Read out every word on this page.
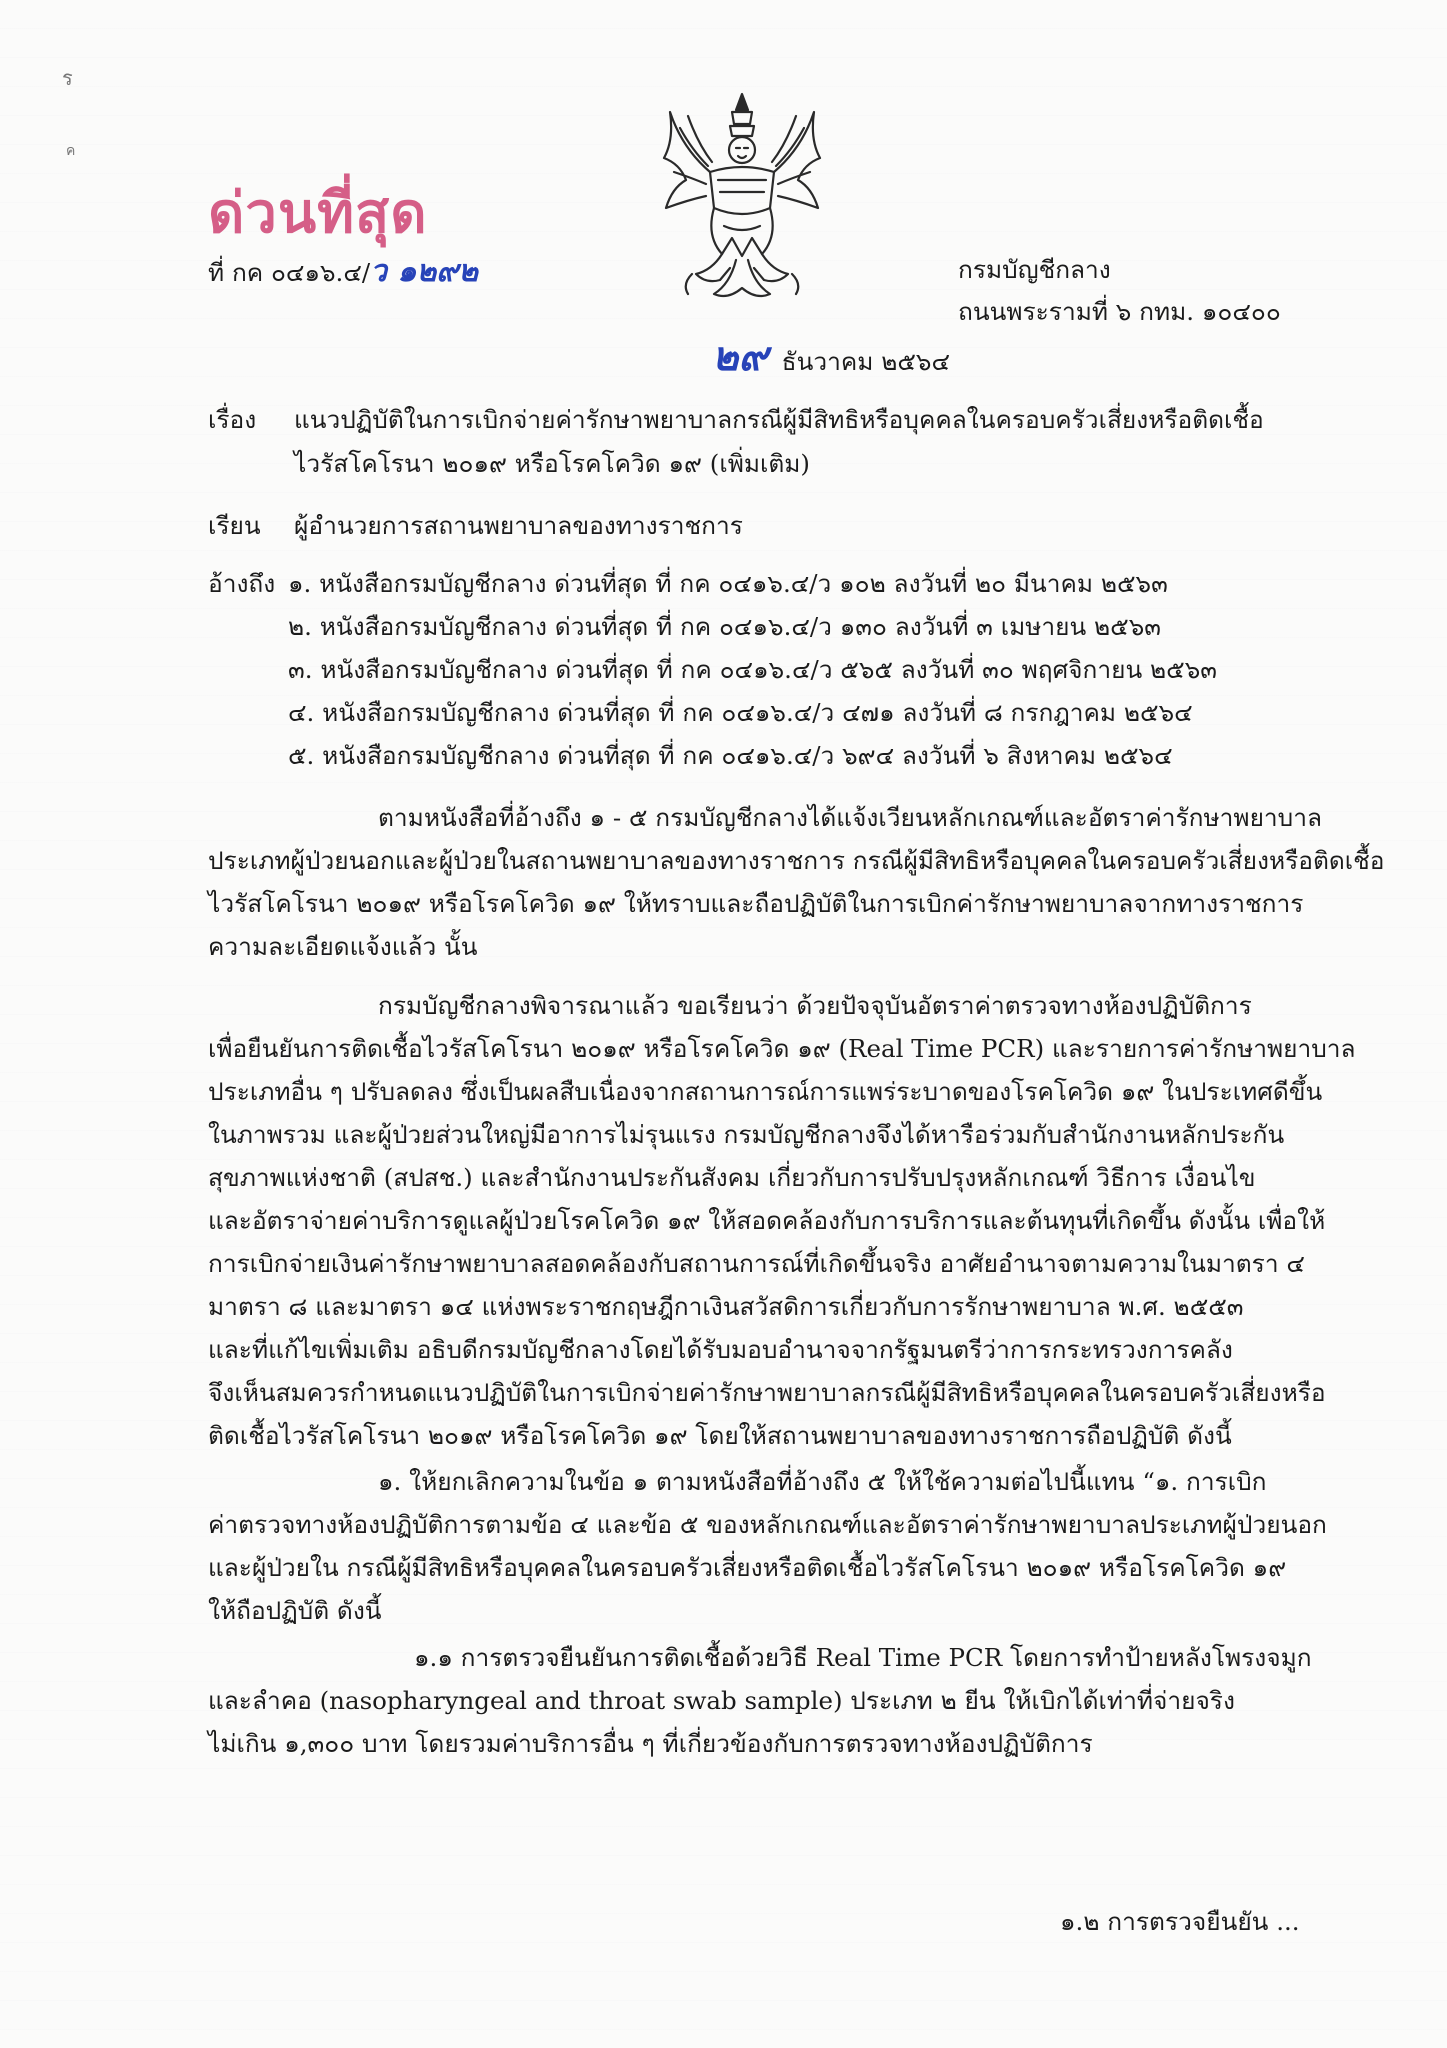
ร
ค
ด่วนที่สุด
ที่ กค ๐๔๑๖.๔/ว ๑๒๙๒	กรมบัญชีกลาง
ถนนพระรามที่ ๖ กทม. ๑๐๔๐๐
๒๙ ธันวาคม ๒๕๖๔
เรื่อง แนวปฏิบัติในการเบิกจ่ายค่ารักษาพยาบาลกรณีผู้มีสิทธิหรือบุคคลในครอบครัวเสี่ยงหรือติดเชื้อ
ไวรัสโคโรนา ๒๐๑๙ หรือโรคโควิด ๑๙ (เพิ่มเติม)
เรียน ผู้อำนวยการสถานพยาบาลของทางราชการ
อ้างถึง ๑. หนังสือกรมบัญชีกลาง ด่วนที่สุด ที่ กค ๐๔๑๖.๔/ว ๑๐๒ ลงวันที่ ๒๐ มีนาคม ๒๕๖๓
๒. หนังสือกรมบัญชีกลาง ด่วนที่สุด ที่ กค ๐๔๑๖.๔/ว ๑๓๐ ลงวันที่ ๓ เมษายน ๒๕๖๓
๓. หนังสือกรมบัญชีกลาง ด่วนที่สุด ที่ กค ๐๔๑๖.๔/ว ๕๖๕ ลงวันที่ ๓๐ พฤศจิกายน ๒๕๖๓
๔. หนังสือกรมบัญชีกลาง ด่วนที่สุด ที่ กค ๐๔๑๖.๔/ว ๔๗๑ ลงวันที่ ๘ กรกฎาคม ๒๕๖๔
๕. หนังสือกรมบัญชีกลาง ด่วนที่สุด ที่ กค ๐๔๑๖.๔/ว ๖๙๔ ลงวันที่ ๖ สิงหาคม ๒๕๖๔
ตามหนังสือที่อ้างถึง ๑ - ๕ กรมบัญชีกลางได้แจ้งเวียนหลักเกณฑ์และอัตราค่ารักษาพยาบาล
ประเภทผู้ป่วยนอกและผู้ป่วยในสถานพยาบาลของทางราชการ กรณีผู้มีสิทธิหรือบุคคลในครอบครัวเสี่ยงหรือติดเชื้อ
ไวรัสโคโรนา ๒๐๑๙ หรือโรคโควิด ๑๙ ให้ทราบและถือปฏิบัติในการเบิกค่ารักษาพยาบาลจากทางราชการ
ความละเอียดแจ้งแล้ว นั้น
กรมบัญชีกลางพิจารณาแล้ว ขอเรียนว่า ด้วยปัจจุบันอัตราค่าตรวจทางห้องปฏิบัติการ
เพื่อยืนยันการติดเชื้อไวรัสโคโรนา ๒๐๑๙ หรือโรคโควิด ๑๙ (Real Time PCR) และรายการค่ารักษาพยาบาล
ประเภทอื่น ๆ ปรับลดลง ซึ่งเป็นผลสืบเนื่องจากสถานการณ์การแพร่ระบาดของโรคโควิด ๑๙ ในประเทศดีขึ้น
ในภาพรวม และผู้ป่วยส่วนใหญ่มีอาการไม่รุนแรง กรมบัญชีกลางจึงได้หารือร่วมกับสำนักงานหลักประกัน
สุขภาพแห่งชาติ (สปสช.) และสำนักงานประกันสังคม เกี่ยวกับการปรับปรุงหลักเกณฑ์ วิธีการ เงื่อนไข
และอัตราจ่ายค่าบริการดูแลผู้ป่วยโรคโควิด ๑๙ ให้สอดคล้องกับการบริการและต้นทุนที่เกิดขึ้น ดังนั้น เพื่อให้
การเบิกจ่ายเงินค่ารักษาพยาบาลสอดคล้องกับสถานการณ์ที่เกิดขึ้นจริง อาศัยอำนาจตามความในมาตรา ๔
มาตรา ๘ และมาตรา ๑๔ แห่งพระราชกฤษฎีกาเงินสวัสดิการเกี่ยวกับการรักษาพยาบาล พ.ศ. ๒๕๕๓
และที่แก้ไขเพิ่มเติม อธิบดีกรมบัญชีกลางโดยได้รับมอบอำนาจจากรัฐมนตรีว่าการกระทรวงการคลัง
จึงเห็นสมควรกำหนดแนวปฏิบัติในการเบิกจ่ายค่ารักษาพยาบาลกรณีผู้มีสิทธิหรือบุคคลในครอบครัวเสี่ยงหรือ
ติดเชื้อไวรัสโคโรนา ๒๐๑๙ หรือโรคโควิด ๑๙ โดยให้สถานพยาบาลของทางราชการถือปฏิบัติ ดังนี้
๑. ให้ยกเลิกความในข้อ ๑ ตามหนังสือที่อ้างถึง ๕ ให้ใช้ความต่อไปนี้แทน “๑. การเบิก
ค่าตรวจทางห้องปฏิบัติการตามข้อ ๔ และข้อ ๕ ของหลักเกณฑ์และอัตราค่ารักษาพยาบาลประเภทผู้ป่วยนอก
และผู้ป่วยใน กรณีผู้มีสิทธิหรือบุคคลในครอบครัวเสี่ยงหรือติดเชื้อไวรัสโคโรนา ๒๐๑๙ หรือโรคโควิด ๑๙
ให้ถือปฏิบัติ ดังนี้
๑.๑ การตรวจยืนยันการติดเชื้อด้วยวิธี Real Time PCR โดยการทำป้ายหลังโพรงจมูก
และลำคอ (nasopharyngeal and throat swab sample) ประเภท ๒ ยีน ให้เบิกได้เท่าที่จ่ายจริง
ไม่เกิน ๑,๓๐๐ บาท โดยรวมค่าบริการอื่น ๆ ที่เกี่ยวข้องกับการตรวจทางห้องปฏิบัติการ
๑.๒ การตรวจยืนยัน ...
